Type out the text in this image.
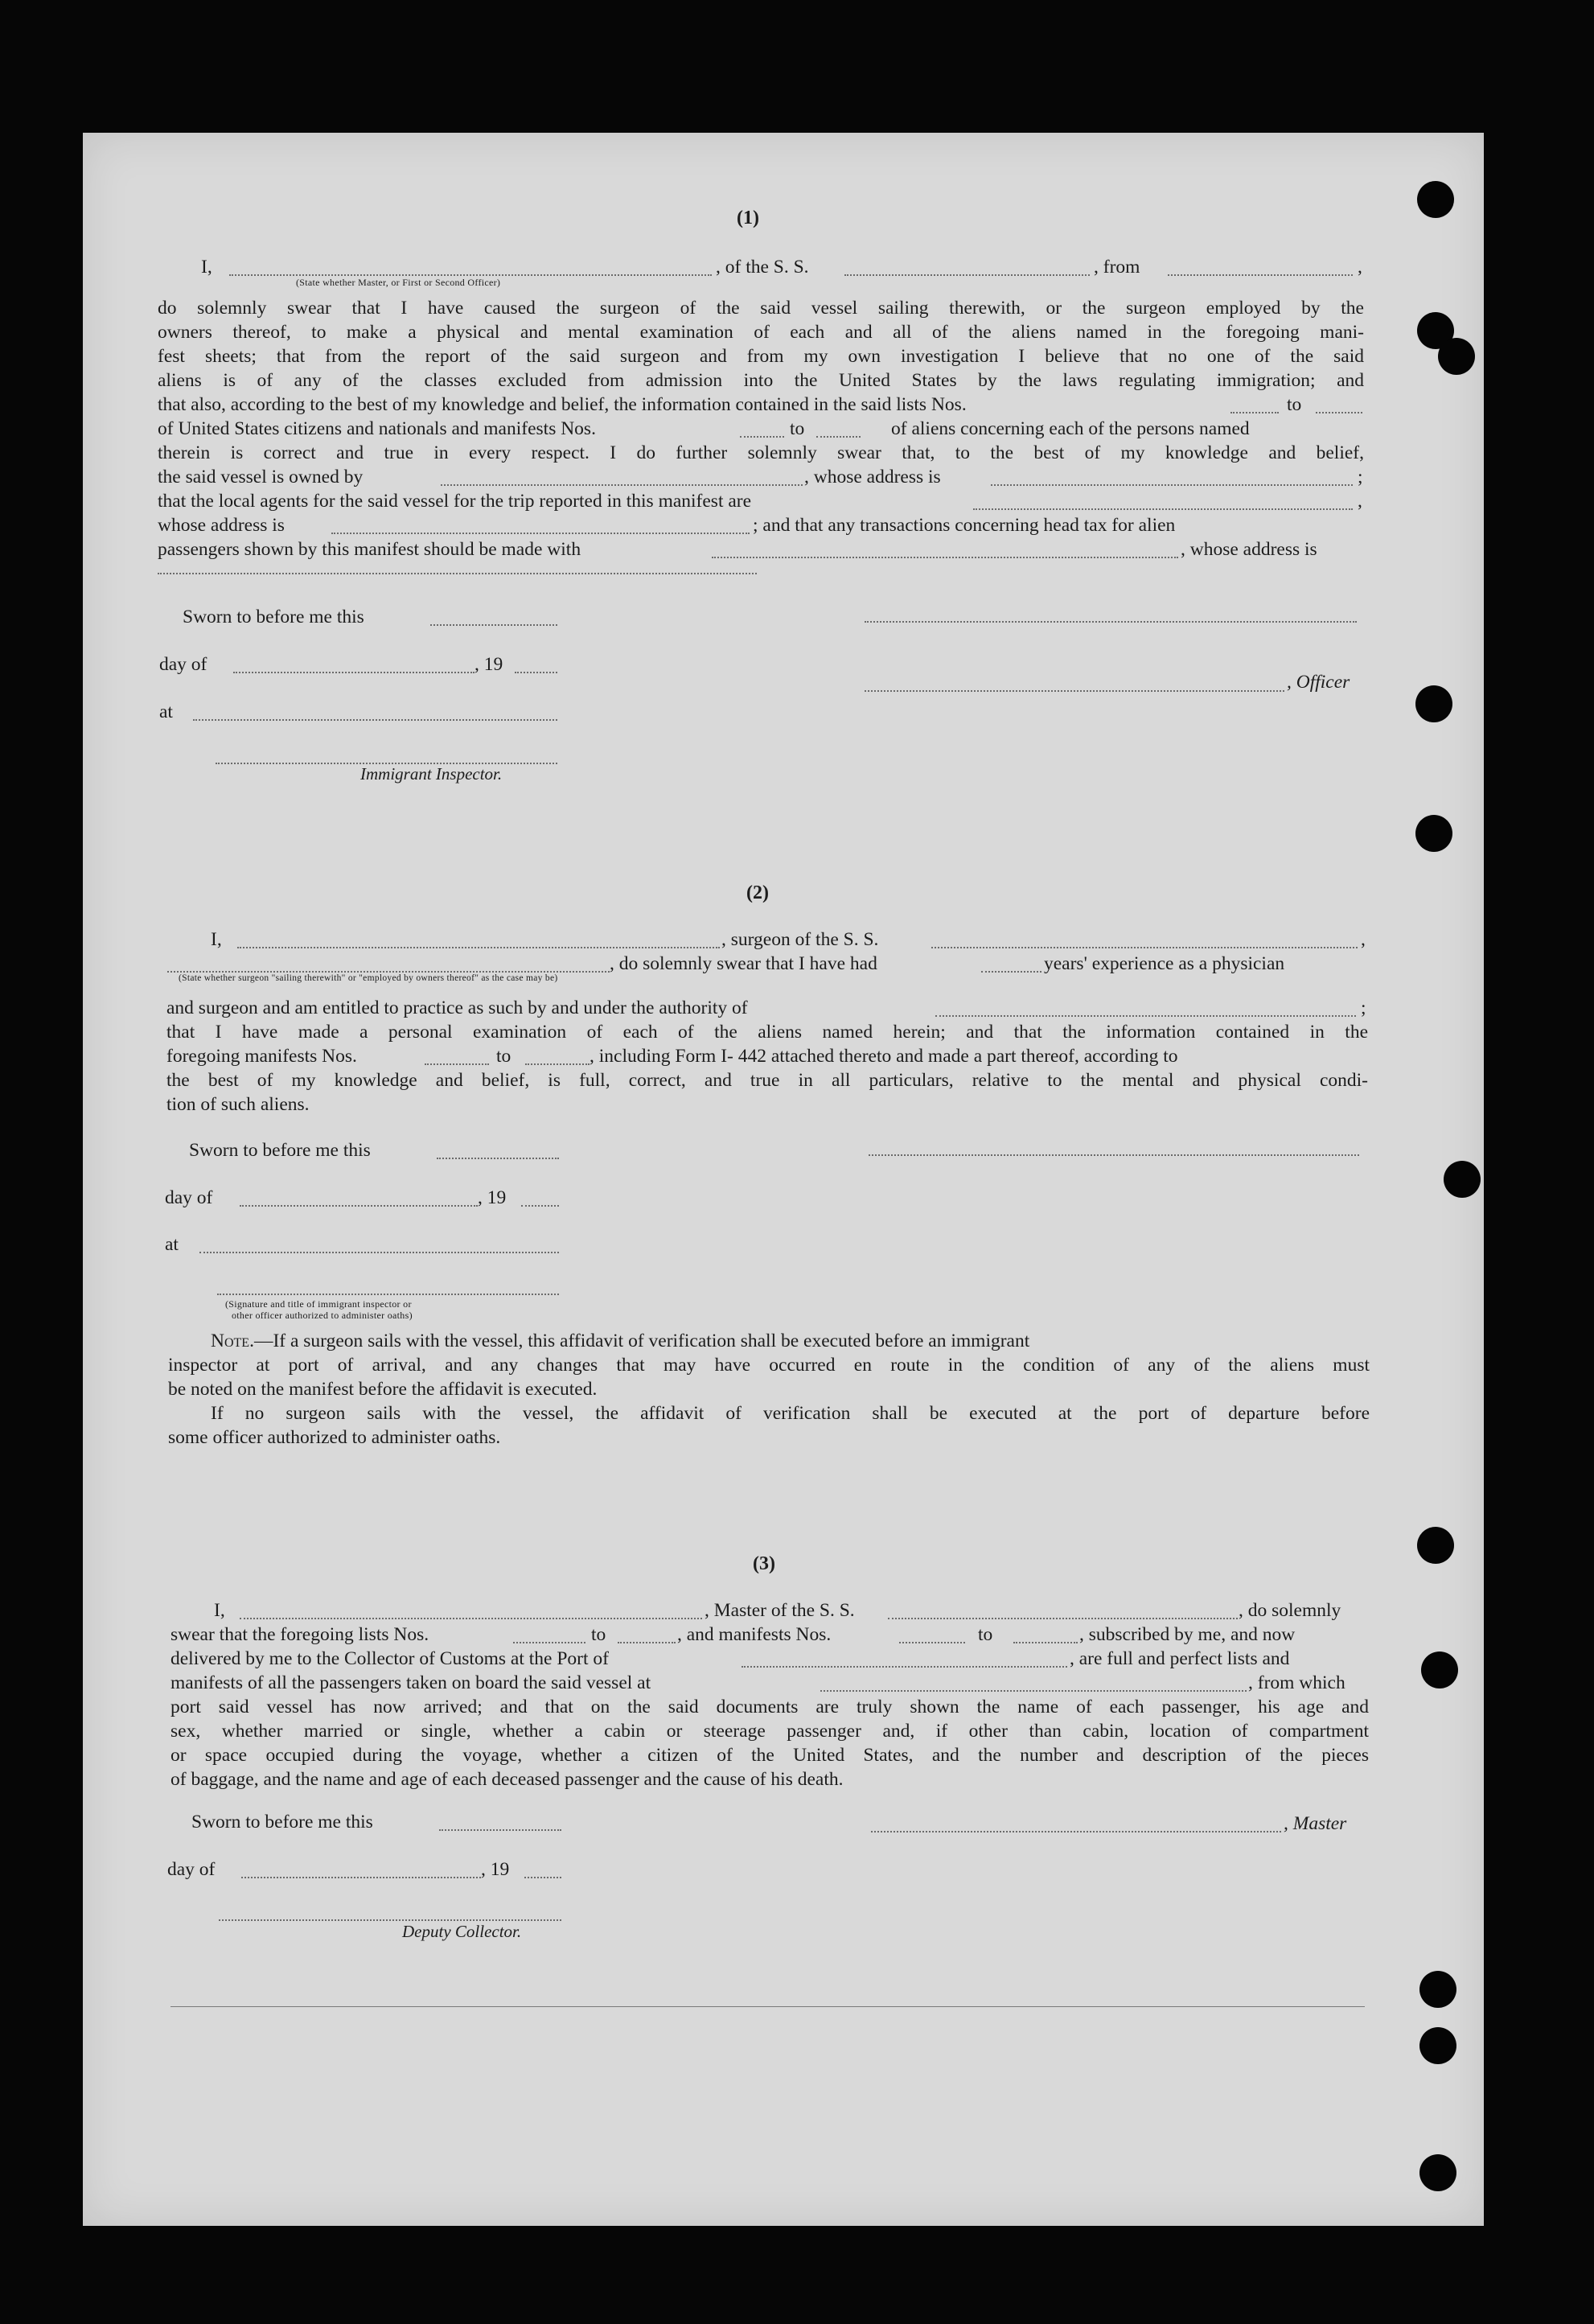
(1)
I,	, of the S. S.	, from	,
(State whether Master, or First or Second Officer)
do solemnly swear that I have caused the surgeon of the said vessel sailing therewith, or the surgeon employed by the
owners thereof, to make a physical and mental examination of each and all of the aliens named in the foregoing mani-
fest sheets; that from the report of the said surgeon and from my own investigation I believe that no one of the said
aliens is of any of the classes excluded from admission into the United States by the laws regulating immigration; and
that also, according to the best of my knowledge and belief, the information contained in the said lists Nos.	to
of United States citizens and nationals and manifests Nos.	to	of aliens concerning each of the persons named
therein is correct and true in every respect. I do further solemnly swear that, to the best of my knowledge and belief,
the said vessel is owned by	, whose address is	;
that the local agents for the said vessel for the trip reported in this manifest are	,
whose address is	; and that any transactions concerning head tax for alien
passengers shown by this manifest should be made with	, whose address is
Sworn to before me this
day of	, 19
, Officer
at
Immigrant Inspector.
(2)
I,	, surgeon of the S. S.	,
, do solemnly swear that I have had	years' experience as a physician
(State whether surgeon "sailing therewith" or "employed by owners thereof" as the case may be)
and surgeon and am entitled to practice as such by and under the authority of	;
that I have made a personal examination of each of the aliens named herein; and that the information contained in the
foregoing manifests Nos.	to	, including Form I- 442 attached thereto and made a part thereof, according to
the best of my knowledge and belief, is full, correct, and true in all particulars, relative to the mental and physical condi-
tion of such aliens.
Sworn to before me this
day of	, 19
at
(Signature and title of immigrant inspector or
other officer authorized to administer oaths)
Note.—If a surgeon sails with the vessel, this affidavit of verification shall be executed before an immigrant
inspector at port of arrival, and any changes that may have occurred en route in the condition of any of the aliens must
be noted on the manifest before the affidavit is executed.
If no surgeon sails with the vessel, the affidavit of verification shall be executed at the port of departure before
some officer authorized to administer oaths.
(3)
I,	, Master of the S. S.	, do solemnly
swear that the foregoing lists Nos.	to	, and manifests Nos.	to	, subscribed by me, and now
delivered by me to the Collector of Customs at the Port of	, are full and perfect lists and
manifests of all the passengers taken on board the said vessel at	, from which
port said vessel has now arrived; and that on the said documents are truly shown the name of each passenger, his age and
sex, whether married or single, whether a cabin or steerage passenger and, if other than cabin, location of compartment
or space occupied during the voyage, whether a citizen of the United States, and the number and description of the pieces
of baggage, and the name and age of each deceased passenger and the cause of his death.
Sworn to before me this	, Master
day of	, 19
Deputy Collector.
